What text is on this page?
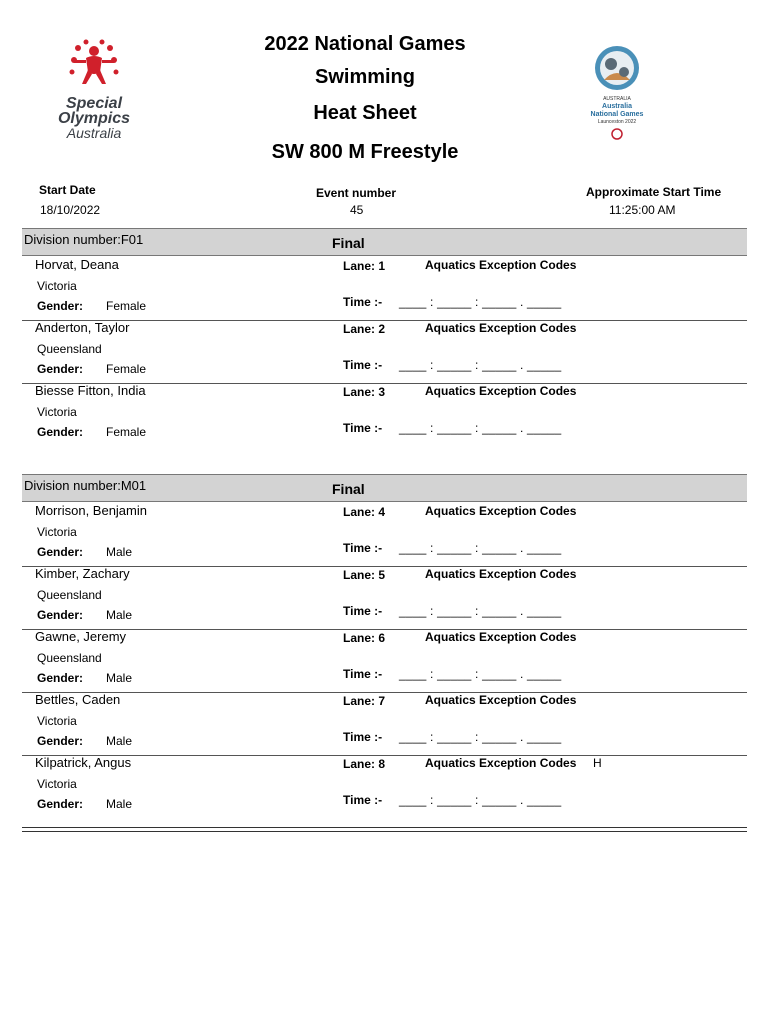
Special
Olympics
Australia
AUSTRALIA
Australia
National Games
Launceston 2022
2022 National Games
Swimming
Heat Sheet
SW 800 M Freestyle
Start Date
18/10/2022
Event number
45
Approximate Start Time
11:25:00 AM
Division number:F01	Final
Horvat, Deana
Victoria
Gender: Female
Lane: 1	Aquatics Exception Codes
Time :- ____ : _____ : _____ . _____
Anderton, Taylor
Queensland
Gender: Female
Lane: 2	Aquatics Exception Codes
Time :- ____ : _____ : _____ . _____
Biesse Fitton, India
Victoria
Gender: Female
Lane: 3	Aquatics Exception Codes
Time :- ____ : _____ : _____ . _____
Division number:M01	Final
Morrison, Benjamin
Victoria
Gender: Male
Lane: 4	Aquatics Exception Codes
Time :- ____ : _____ : _____ . _____
Kimber, Zachary
Queensland
Gender: Male
Lane: 5	Aquatics Exception Codes
Time :- ____ : _____ : _____ . _____
Gawne, Jeremy
Queensland
Gender: Male
Lane: 6	Aquatics Exception Codes
Time :- ____ : _____ : _____ . _____
Bettles, Caden
Victoria
Gender: Male
Lane: 7	Aquatics Exception Codes
Time :- ____ : _____ : _____ . _____
Kilpatrick, Angus
Victoria
Gender: Male
Lane: 8	Aquatics Exception Codes H
Time :- ____ : _____ : _____ . _____
